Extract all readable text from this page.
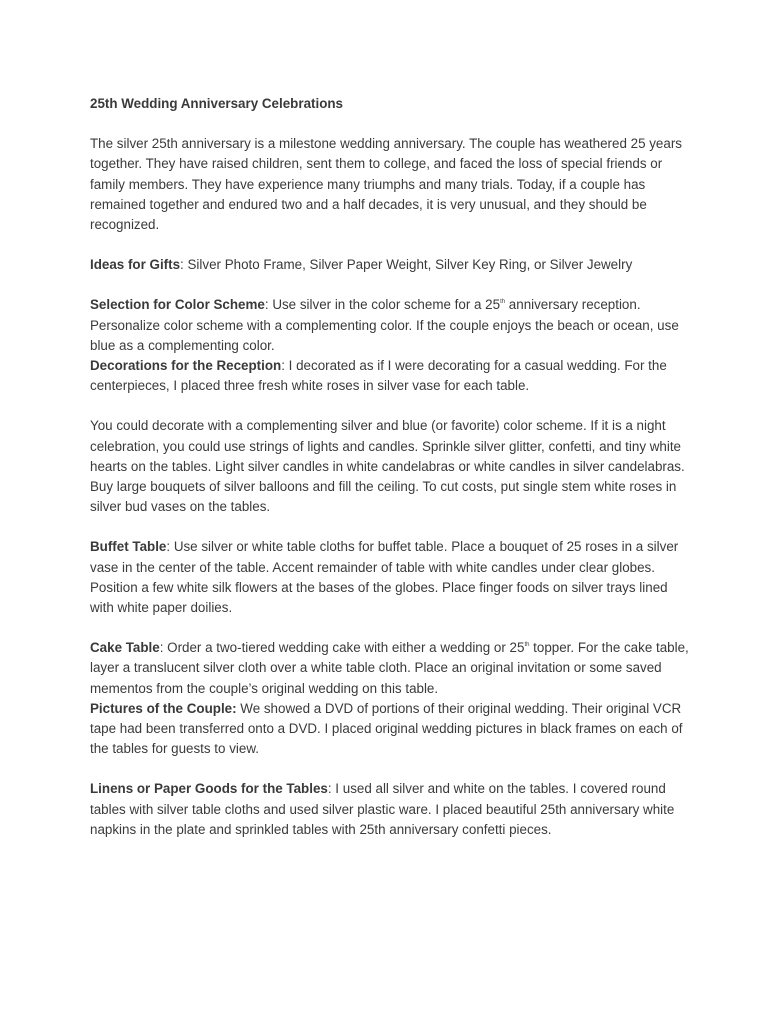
25th Wedding Anniversary Celebrations

The silver 25th anniversary is a milestone wedding anniversary. The couple has weathered 25 years together. They have raised children, sent them to college, and faced the loss of special friends or family members. They have experience many triumphs and many trials. Today, if a couple has remained together and endured two and a half decades, it is very unusual, and they should be recognized.

Ideas for Gifts: Silver Photo Frame, Silver Paper Weight, Silver Key Ring, or Silver Jewelry

Selection for Color Scheme: Use silver in the color scheme for a 25th anniversary reception. Personalize color scheme with a complementing color. If the couple enjoys the beach or ocean, use blue as a complementing color.

Decorations for the Reception: I decorated as if I were decorating for a casual wedding. For the centerpieces, I placed three fresh white roses in silver vase for each table.

You could decorate with a complementing silver and blue (or favorite) color scheme. If it is a night celebration, you could use strings of lights and candles. Sprinkle silver glitter, confetti, and tiny white hearts on the tables. Light silver candles in white candelabras or white candles in silver candelabras. Buy large bouquets of silver balloons and fill the ceiling. To cut costs, put single stem white roses in silver bud vases on the tables.

Buffet Table: Use silver or white table cloths for buffet table. Place a bouquet of 25 roses in a silver vase in the center of the table. Accent remainder of table with white candles under clear globes. Position a few white silk flowers at the bases of the globes. Place finger foods on silver trays lined with white paper doilies.

Cake Table: Order a two-tiered wedding cake with either a wedding or 25th topper. For the cake table, layer a translucent silver cloth over a white table cloth. Place an original invitation or some saved mementos from the couple’s original wedding on this table.

Pictures of the Couple: We showed a DVD of portions of their original wedding. Their original VCR tape had been transferred onto a DVD. I placed original wedding pictures in black frames on each of the tables for guests to view.

Linens or Paper Goods for the Tables: I used all silver and white on the tables. I covered round tables with silver table cloths and used silver plastic ware. I placed beautiful 25th anniversary white napkins in the plate and sprinkled tables with 25th anniversary confetti pieces.
